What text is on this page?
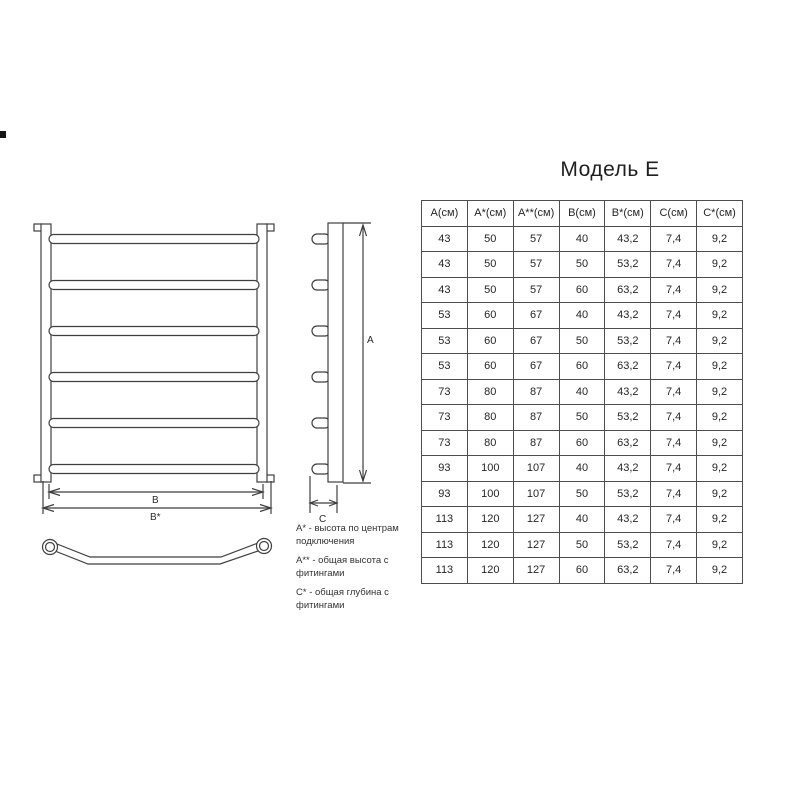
Модель Е
В
В*
А
С
А* - высота по центрам подключения
А** - общая высота с фитингами
С* - общая глубина с фитингами
А(см)	А*(см)	А**(см)	В(см)	В*(см)	С(см)	С*(см)
43	50	57	40	43,2	7,4	9,2
43	50	57	50	53,2	7,4	9,2
43	50	57	60	63,2	7,4	9,2
53	60	67	40	43,2	7,4	9,2
53	60	67	50	53,2	7,4	9,2
53	60	67	60	63,2	7,4	9,2
73	80	87	40	43,2	7,4	9,2
73	80	87	50	53,2	7,4	9,2
73	80	87	60	63,2	7,4	9,2
93	100	107	40	43,2	7,4	9,2
93	100	107	50	53,2	7,4	9,2
113	120	127	40	43,2	7,4	9,2
113	120	127	50	53,2	7,4	9,2
113	120	127	60	63,2	7,4	9,2
